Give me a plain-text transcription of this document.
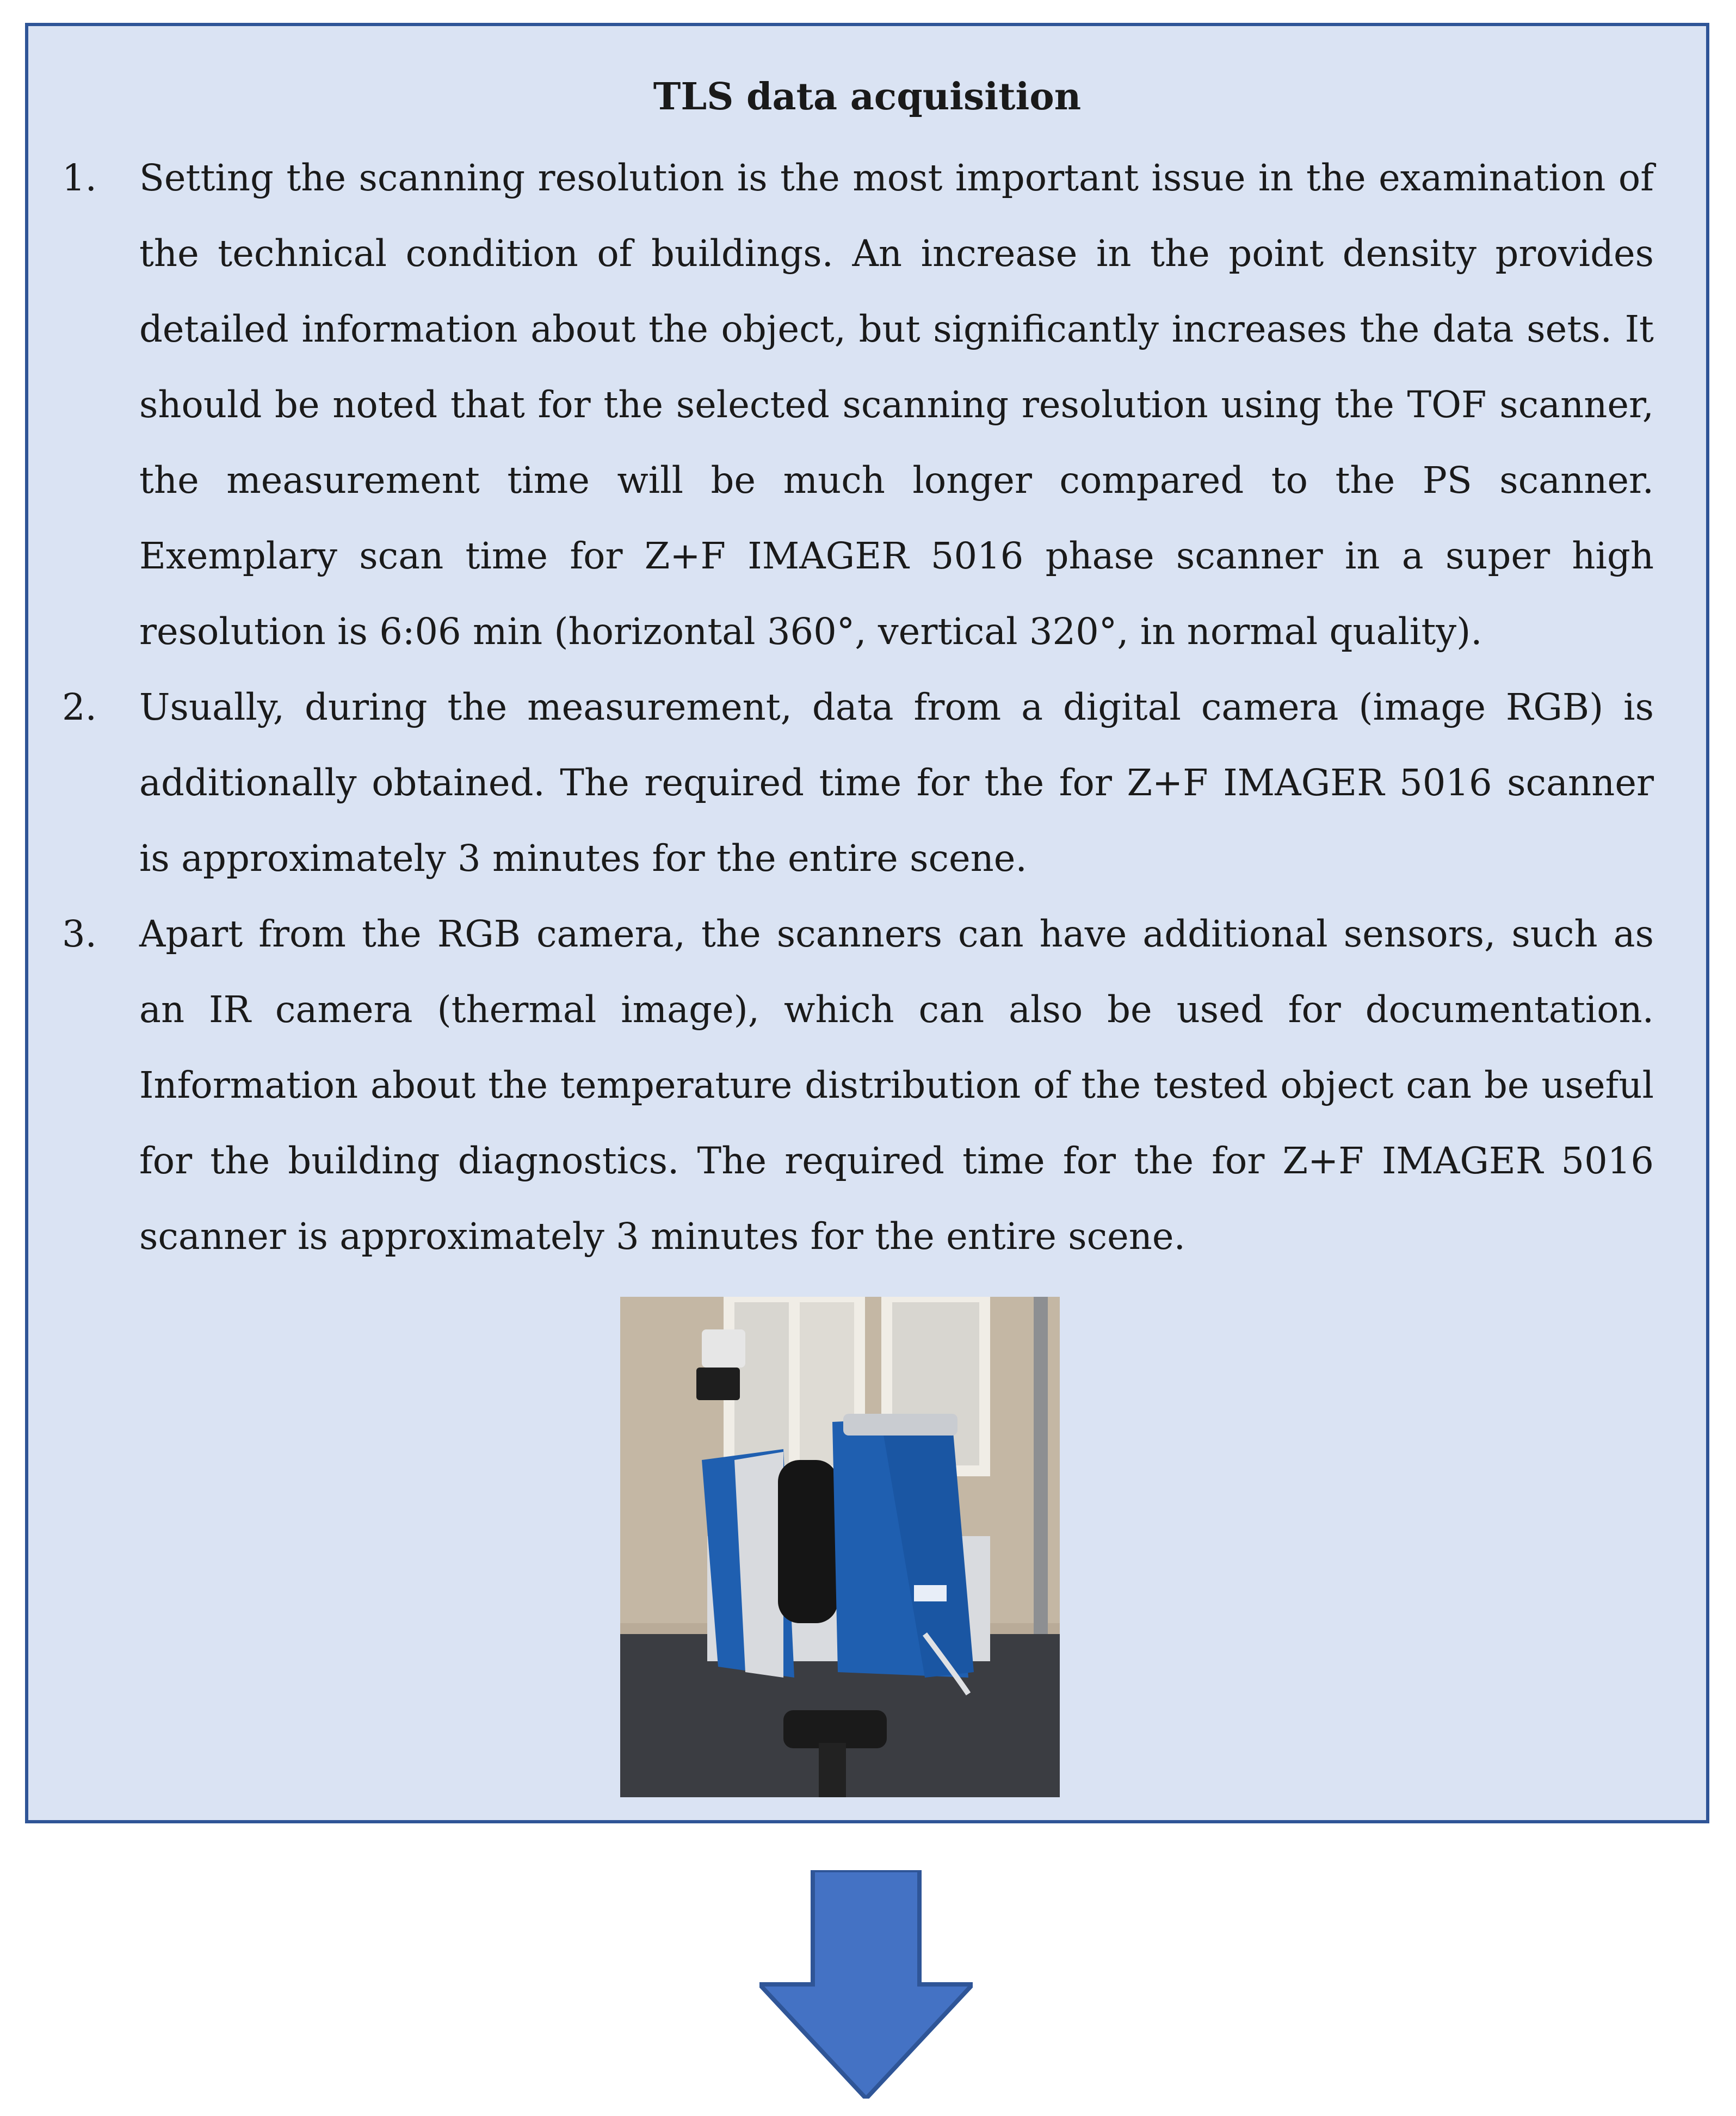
TLS data acquisition
1. Setting the scanning resolution is the most important issue in the examination of the technical condition of buildings. An increase in the point density provides detailed information about the object, but significantly increases the data sets. It should be noted that for the selected scanning resolution using the TOF scanner, the measurement time will be much longer compared to the PS scanner. Exemplary scan time for Z+F IMAGER 5016 phase scanner in a super high resolution is 6:06 min (horizontal 360°, vertical 320°, in normal quality).
2. Usually, during the measurement, data from a digital camera (image RGB) is additionally obtained. The required time for the for Z+F IMAGER 5016 scanner is approximately 3 minutes for the entire scene.
3. Apart from the RGB camera, the scanners can have additional sensors, such as an IR camera (thermal image), which can also be used for documentation. Information about the temperature distribution of the tested object can be useful for the building diagnostics. The required time for the for Z+F IMAGER 5016 scanner is approximately 3 minutes for the entire scene.
